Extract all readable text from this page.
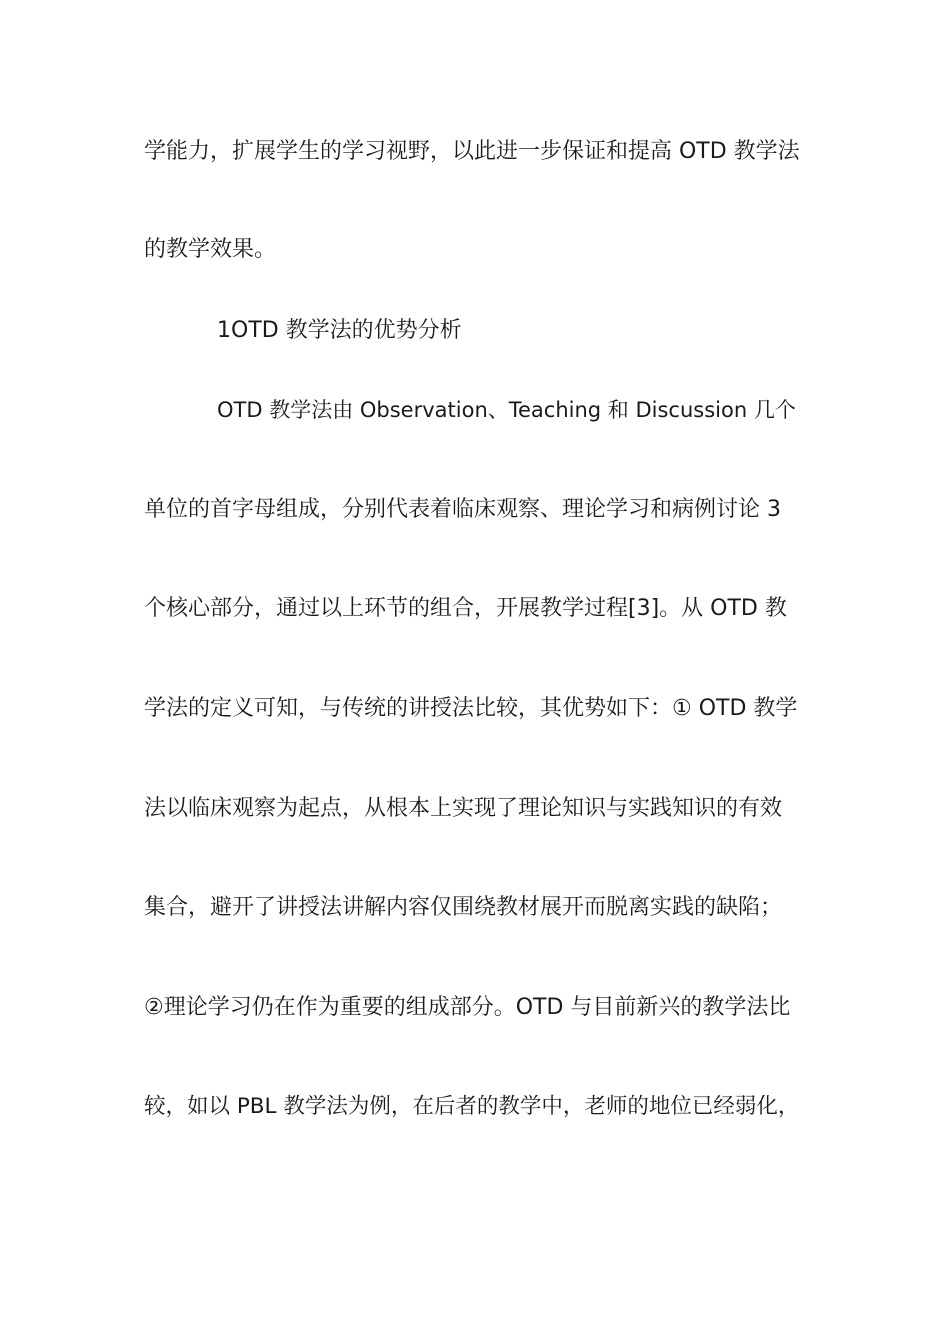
学能力，扩展学生的学习视野，以此进一步保证和提高 OTD 教学法
的教学效果。
1OTD 教学法的优势分析
OTD 教学法由 Observation、Teaching 和 Discussion 几个
单位的首字母组成，分别代表着临床观察、理论学习和病例讨论 3
个核心部分，通过以上环节的组合，开展教学过程[3]。从 OTD 教
学法的定义可知，与传统的讲授法比较，其优势如下：① OTD 教学
法以临床观察为起点，从根本上实现了理论知识与实践知识的有效
集合，避开了讲授法讲解内容仅围绕教材展开而脱离实践的缺陷；
②理论学习仍在作为重要的组成部分。OTD 与目前新兴的教学法比
较，如以 PBL 教学法为例，在后者的教学中，老师的地位已经弱化，
